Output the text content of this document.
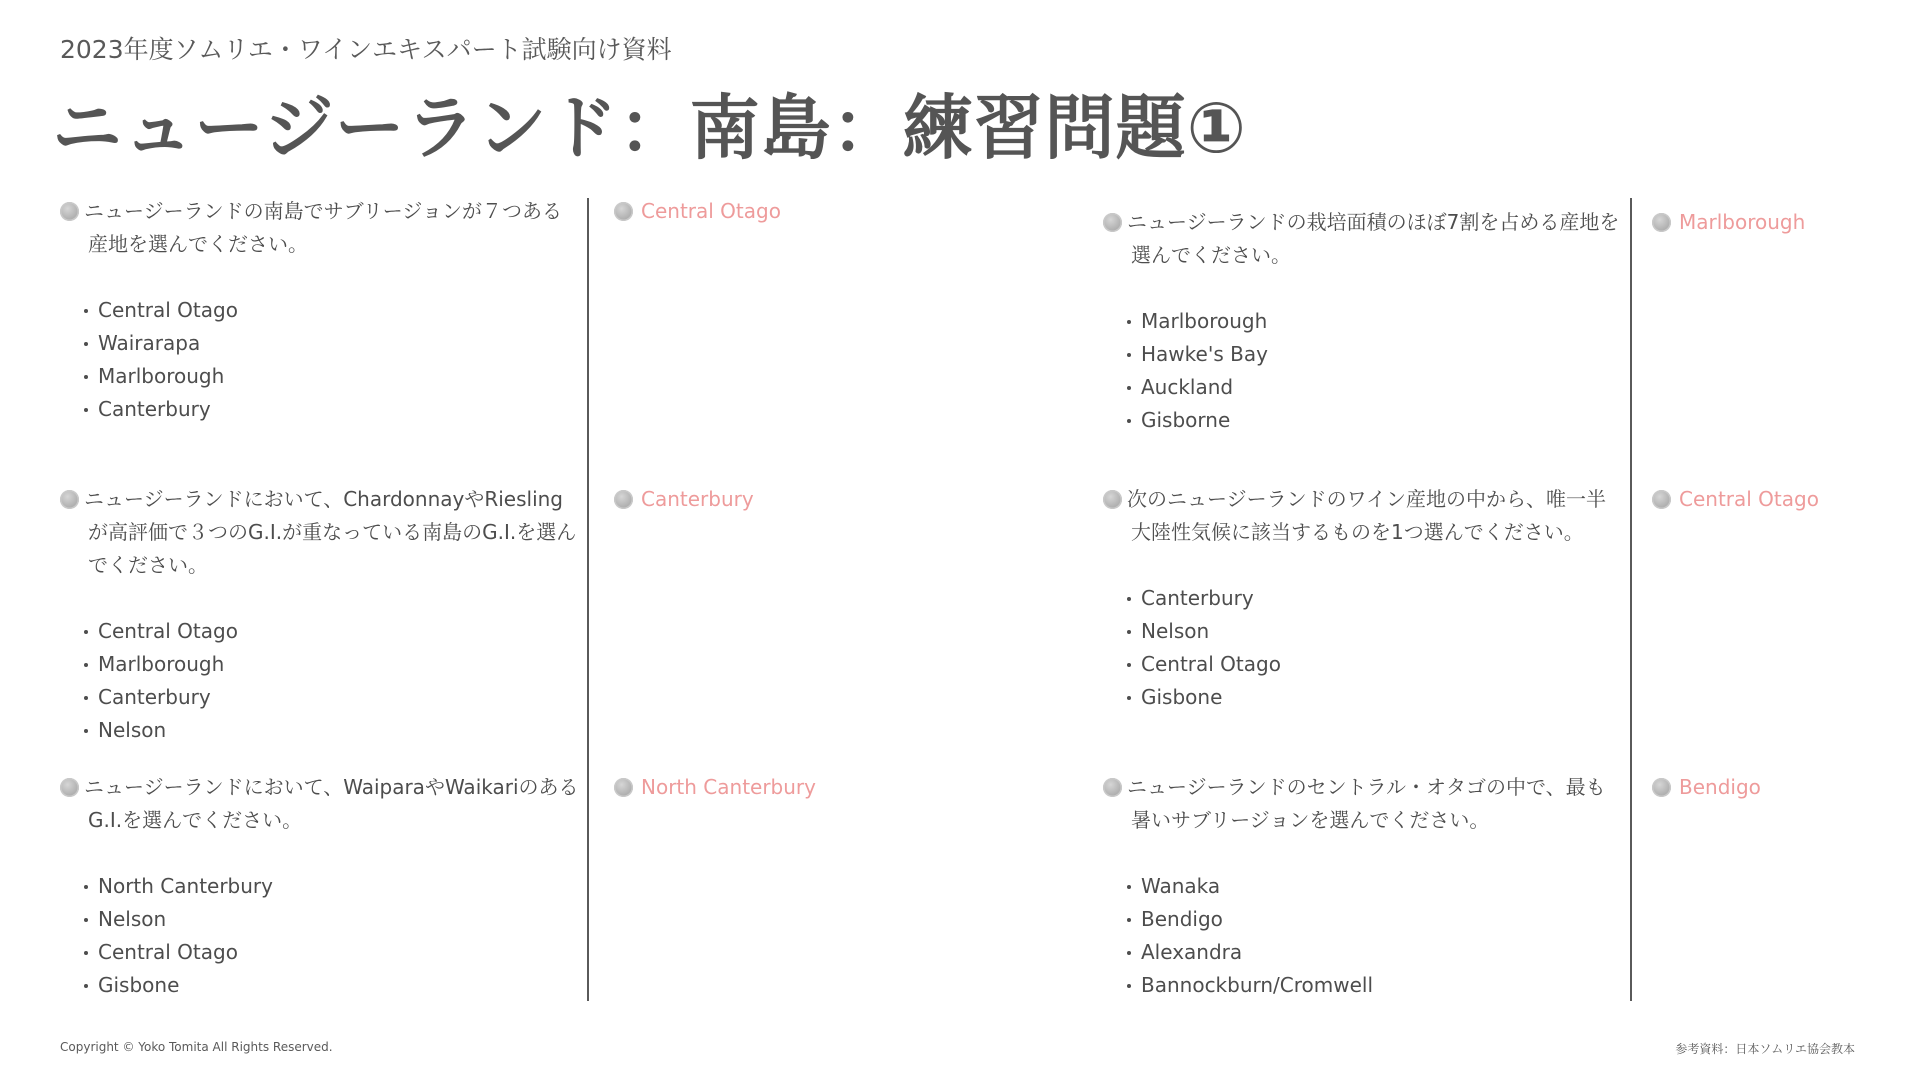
2023年度ソムリエ・ワインエキスパート試験向け資料
ニュージーランド：南島：練習問題①
ニュージーランドの南島でサブリージョンが７つある産地を選んでください。
Central Otago
Wairarapa
Marlborough
Canterbury
Central Otago
ニュージーランドにおいて、ChardonnayやRieslingが高評価で３つのG.I.が重なっている南島のG.I.を選んでください。
Central Otago
Marlborough
Canterbury
Nelson
Canterbury
ニュージーランドにおいて、WaiparaやWaikariのあるG.I.を選んでください。
North Canterbury
Nelson
Central Otago
Gisbone
North Canterbury
ニュージーランドの栽培面積のほぼ7割を占める産地を選んでください。
Marlborough
Hawke's Bay
Auckland
Gisborne
Marlborough
次のニュージーランドのワイン産地の中から、唯一半大陸性気候に該当するものを1つ選んでください。
Canterbury
Nelson
Central Otago
Gisbone
Central Otago
ニュージーランドのセントラル・オタゴの中で、最も暑いサブリージョンを選んでください。
Wanaka
Bendigo
Alexandra
Bannockburn/Cromwell
Bendigo
Copyright © Yoko Tomita All Rights Reserved.	参考資料：日本ソムリエ協会教本
